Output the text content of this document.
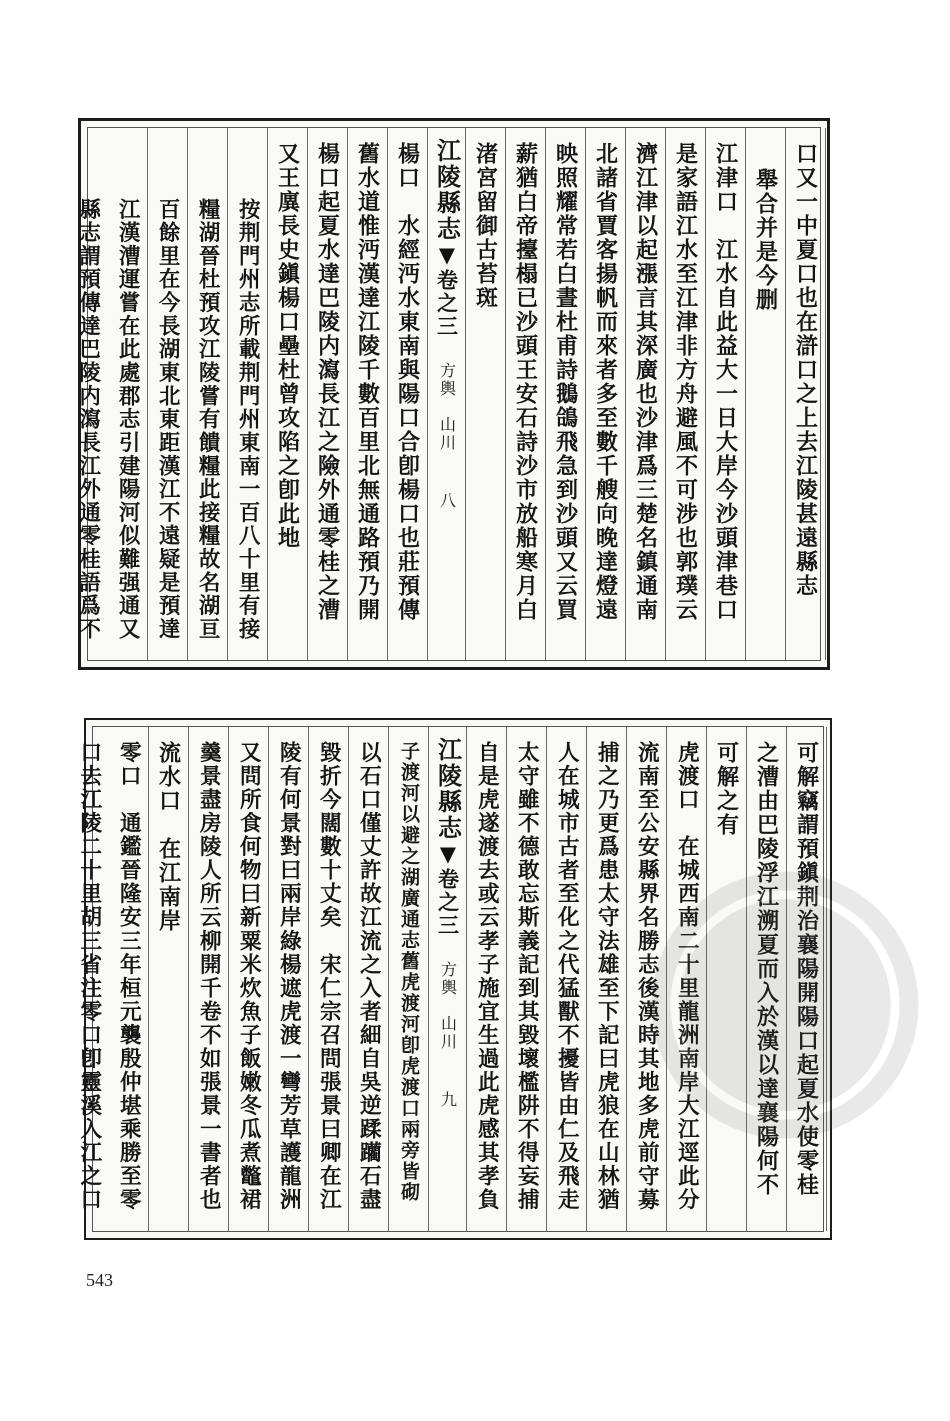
口又一中夏口也在滸口之上去江陵甚遠縣志
舉合并是今删
江津口　江水自此益大一日大岸今沙頭津巷口
是家語江水至江津非方舟避風不可涉也郭璞云
濟江津以起漲言其深廣也沙津爲三楚名鎮通南
北諸省賈客揚帆而來者多至數千艘向晚達燈遠
映照耀常若白晝杜甫詩鵝鴿飛急到沙頭又云買
薪猶白帝擡榻已沙頭王安石詩沙市放船寒月白
渚宮留御古苔斑
江陵縣志▼卷之三方輿　山川八
楊口　水經沔水東南與陽口合卽楊口也莊預傳
舊水道惟沔漢達江陵千數百里北無通路預乃開
楊口起夏水達巴陵内瀉長江之險外通零桂之漕
又王廙長史鎭楊口壘杜曾攻陷之卽此地
按荆門州志所載荆門州東南一百八十里有接
糧湖晉杜預攻江陵嘗有饋糧此接糧故名湖亘
百餘里在今長湖東北東距漢江不遠疑是預達
江漢漕運嘗在此處郡志引建陽河似難强通又
縣志謂預傳達巴陵内瀉長江外通零桂語爲不
可解竊謂預鎭荆治襄陽開陽口起夏水使零桂
之漕由巴陵浮江溯夏而入於漢以達襄陽何不
可解之有
虎渡口　在城西南二十里龍洲南岸大江逕此分
流南至公安縣界名勝志後漢時其地多虎前守募
捕之乃更爲患太守法雄至下記曰虎狼在山林猶
人在城市古者至化之代猛獸不擾皆由仁及飛走
太守雖不德敢忘斯義記到其毀壞檻阱不得妄捕
自是虎遂渡去或云孝子施宜生過此虎感其孝負
江陵縣志▼卷之三方輿　山川九
子渡河以避之湖廣通志舊虎渡河卽虎渡口兩旁皆砌
以石口僅丈許故江流之入者細自吳逆蹂躪石盡
毀折今闊數十丈矣　宋仁宗召問張景曰卿在江
陵有何景對曰兩岸綠楊遮虎渡一彎芳草護龍洲
又問所食何物曰新粟米炊魚子飯嫩冬瓜煮鼈裙
羹景盡房陵人所云柳開千卷不如張景一書者也
流水口　在江南岸
零口　通鑑晉隆安三年桓元襲殷仲堪乘勝至零
口去江陵二十里胡三省注零口卽靈溪入江之口
543
